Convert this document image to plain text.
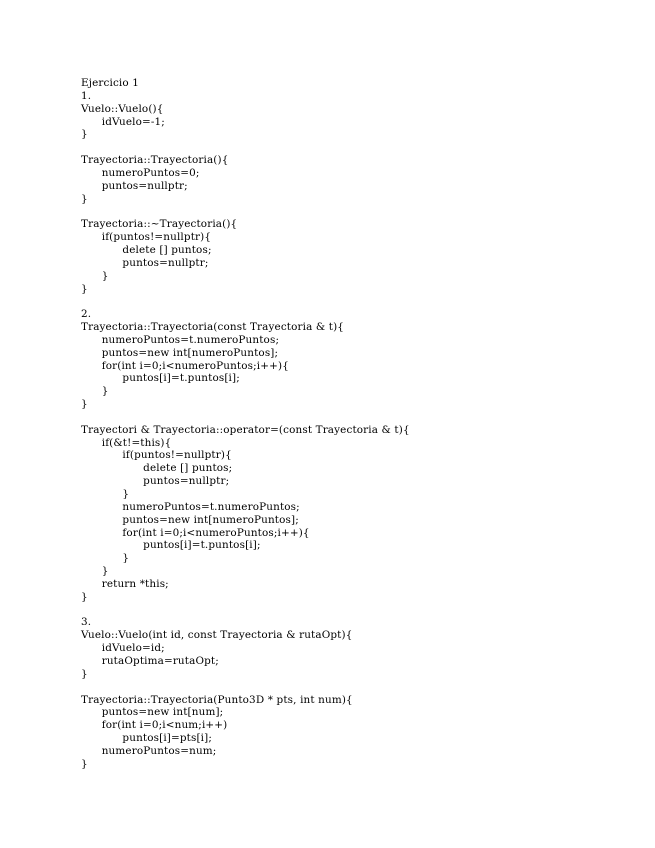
Ejercicio 1
1.
Vuelo::Vuelo(){
idVuelo=-1;
}
Trayectoria::Trayectoria(){
numeroPuntos=0;
puntos=nullptr;
}
Trayectoria::~Trayectoria(){
if(puntos!=nullptr){
delete [] puntos;
puntos=nullptr;
}
}
2.
Trayectoria::Trayectoria(const Trayectoria & t){
numeroPuntos=t.numeroPuntos;
puntos=new int[numeroPuntos];
for(int i=0;i<numeroPuntos;i++){
puntos[i]=t.puntos[i];
}
}
Trayectori & Trayectoria::operator=(const Trayectoria & t){
if(&t!=this){
if(puntos!=nullptr){
delete [] puntos;
puntos=nullptr;
}
numeroPuntos=t.numeroPuntos;
puntos=new int[numeroPuntos];
for(int i=0;i<numeroPuntos;i++){
puntos[i]=t.puntos[i];
}
}
return *this;
}
3.
Vuelo::Vuelo(int id, const Trayectoria & rutaOpt){
idVuelo=id;
rutaOptima=rutaOpt;
}
Trayectoria::Trayectoria(Punto3D * pts, int num){
puntos=new int[num];
for(int i=0;i<num;i++)
puntos[i]=pts[i];
numeroPuntos=num;
}
